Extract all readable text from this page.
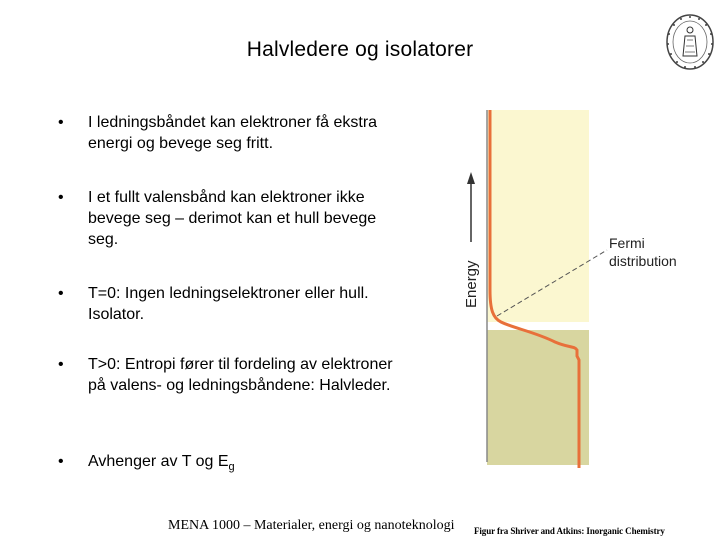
Halvledere og isolatorer
•	I ledningsbåndet kan elektroner få ekstra energi og bevege seg fritt.
•	I et fullt valensbånd kan elektroner ikke bevege seg – derimot kan et hull bevege seg.
•	T=0: Ingen ledningselektroner eller hull. Isolator.
•	T>0: Entropi fører til fordeling av elektroner på valens- og ledningsbåndene: Halvleder.
•	Avhenger av T og $E_g$
Energy
Fermi
distribution
MENA 1000 – Materialer, energi og nanoteknologi Figur fra Shriver and Atkins: Inorganic Chemistry
